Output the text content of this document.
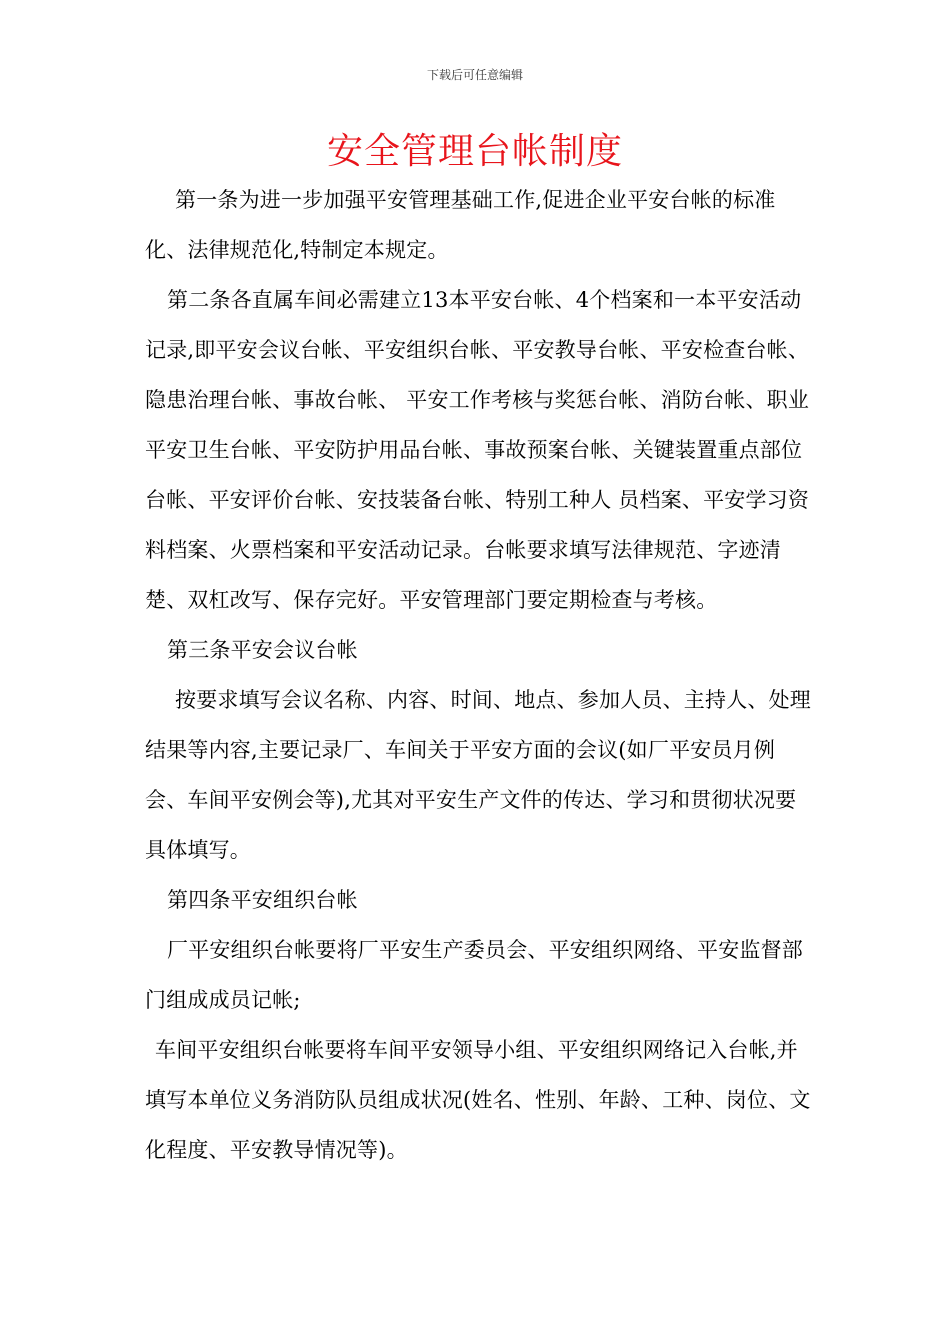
下载后可任意编辑
安全管理台帐制度

第一条为进一步加强平安管理基础工作,促进企业平安台帐的标准化、法律规范化,特制定本规定。

第二条各直属车间必需建立13本平安台帐、4个档案和一本平安活动记录,即平安会议台帐、平安组织台帐、平安教导台帐、平安检查台帐、隐患治理台帐、事故台帐、 平安工作考核与奖惩台帐、消防台帐、职业平安卫生台帐、平安防护用品台帐、事故预案台帐、关键装置重点部位台帐、平安评价台帐、安技装备台帐、特别工种人 员档案、平安学习资料档案、火票档案和平安活动记录。台帐要求填写法律规范、字迹清楚、双杠改写、保存完好。平安管理部门要定期检查与考核。

第三条平安会议台帐

按要求填写会议名称、内容、时间、地点、参加人员、主持人、处理结果等内容,主要记录厂、车间关于平安方面的会议(如厂平安员月例会、车间平安例会等),尤其对平安生产文件的传达、学习和贯彻状况要具体填写。

第四条平安组织台帐

厂平安组织台帐要将厂平安生产委员会、平安组织网络、平安监督部门组成成员记帐;

车间平安组织台帐要将车间平安领导小组、平安组织网络记入台帐,并填写本单位义务消防队员组成状况(姓名、性别、年龄、工种、岗位、文化程度、平安教导情况等)。
